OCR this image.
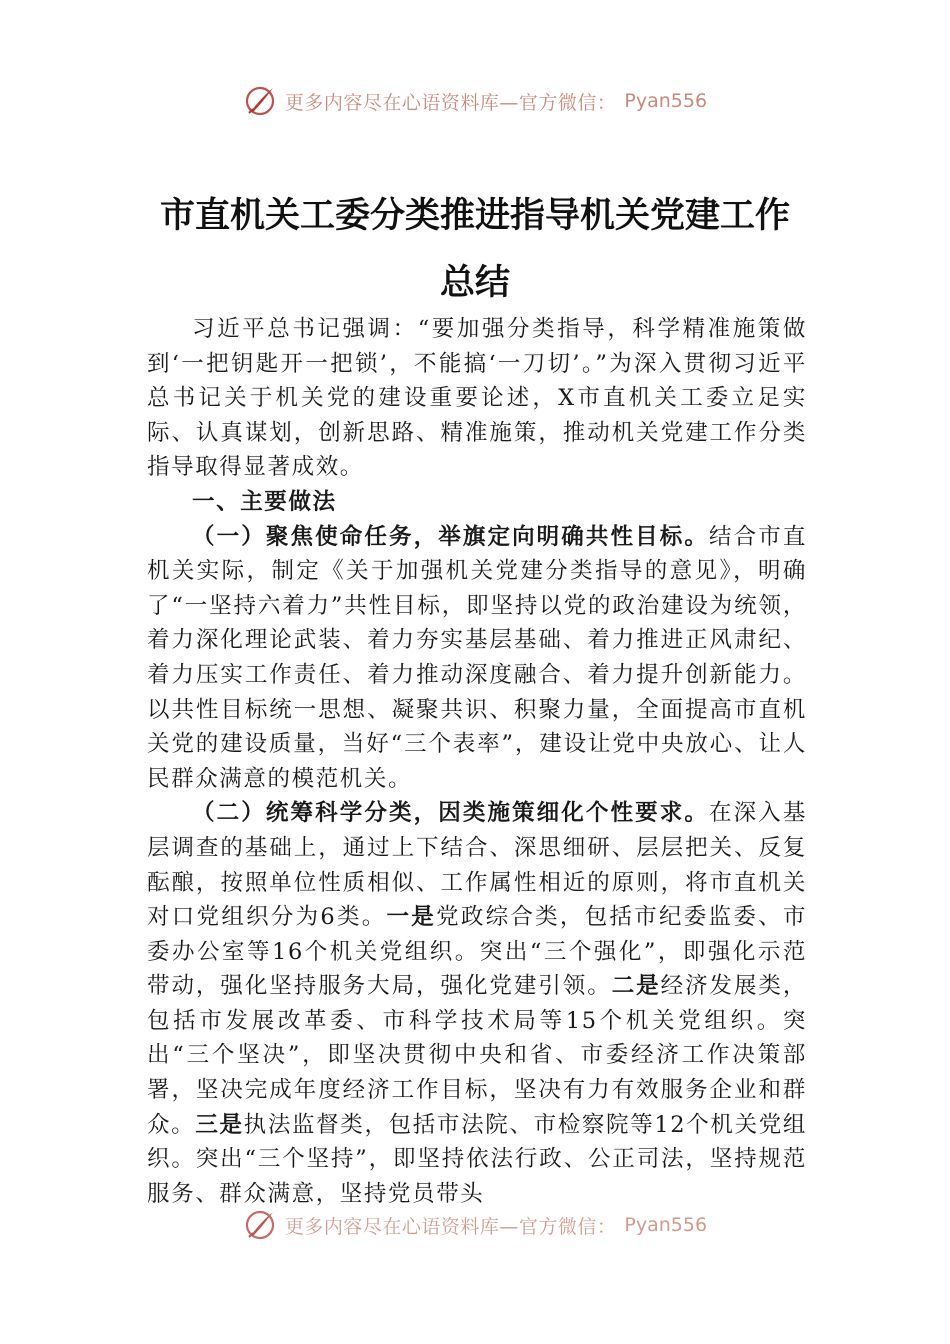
更多内容尽在心语资料库—官方微信： Pyan556
市直机关工委分类推进指导机关党建工作
总结

习近平总书记强调：“要加强分类指导，科学精准施策做到‘一把钥匙开一把锁’，不能搞‘一刀切’。”为深入贯彻习近平总书记关于机关党的建设重要论述，X市直机关工委立足实际、认真谋划，创新思路、精准施策，推动机关党建工作分类指导取得显著成效。

一、主要做法

（一）聚焦使命任务，举旗定向明确共性目标。结合市直机关实际，制定《关于加强机关党建分类指导的意见》，明确了“一坚持六着力”共性目标，即坚持以党的政治建设为统领，着力深化理论武装、着力夯实基层基础、着力推进正风肃纪、着力压实工作责任、着力推动深度融合、着力提升创新能力。以共性目标统一思想、凝聚共识、积聚力量，全面提高市直机关党的建设质量，当好“三个表率”，建设让党中央放心、让人民群众满意的模范机关。

（二）统筹科学分类，因类施策细化个性要求。在深入基层调查的基础上，通过上下结合、深思细研、层层把关、反复酝酿，按照单位性质相似、工作属性相近的原则，将市直机关对口党组织分为6类。一是党政综合类，包括市纪委监委、市委办公室等16个机关党组织。突出“三个强化”，即强化示范带动，强化坚持服务大局，强化党建引领。二是经济发展类，包括市发展改革委、市科学技术局等15个机关党组织。突出“三个坚决”，即坚决贯彻中央和省、市委经济工作决策部署，坚决完成年度经济工作目标，坚决有力有效服务企业和群众。三是执法监督类，包括市法院、市检察院等12个机关党组织。突出“三个坚持”，即坚持依法行政、公正司法，坚持规范服务、群众满意，坚持党员带头

更多内容尽在心语资料库—官方微信： Pyan556
